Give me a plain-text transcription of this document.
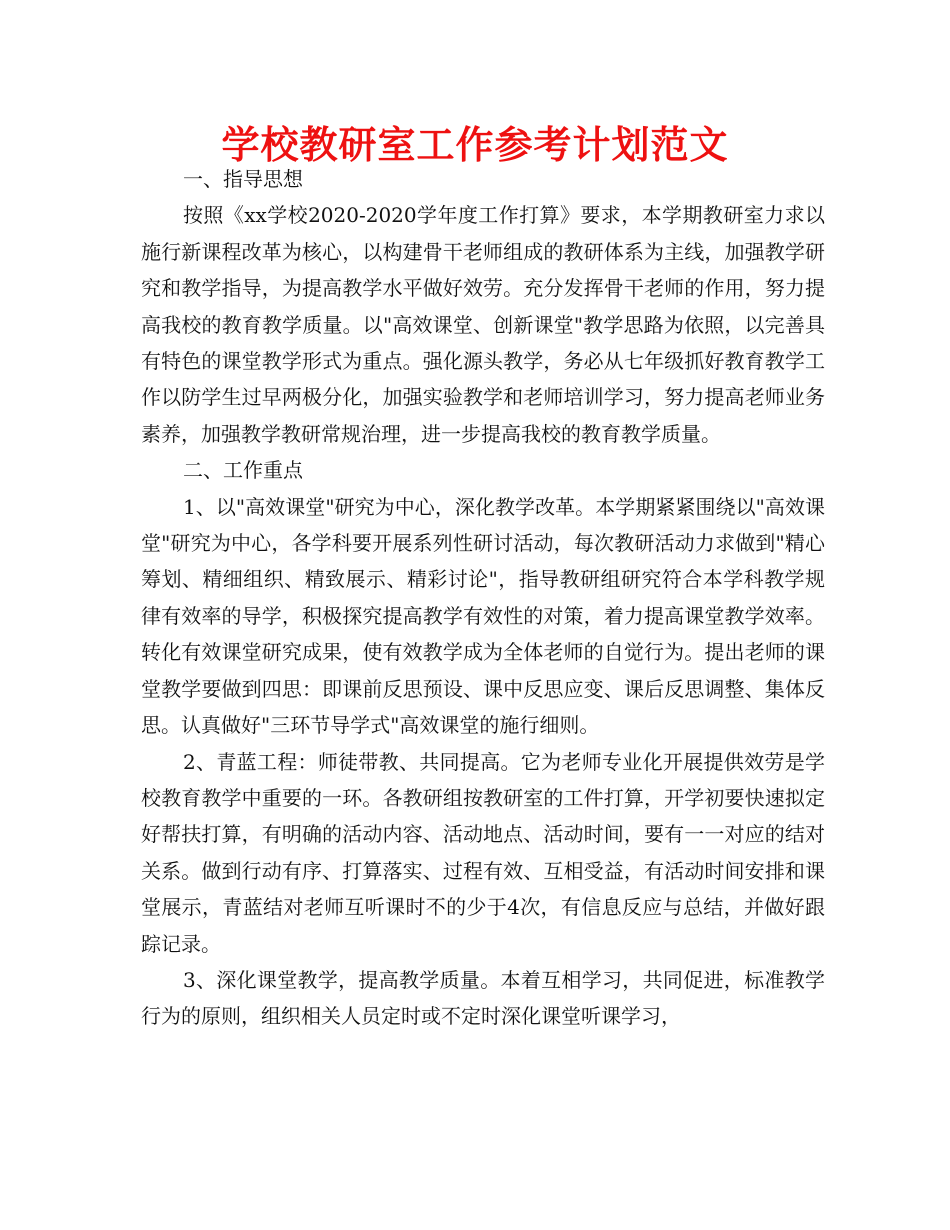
学校教研室工作参考计划范文

一、指导思想

按照《xx学校2020-2020学年度工作打算》要求，本学期教研室力求以施行新课程改革为核心，以构建骨干老师组成的教研体系为主线，加强教学研究和教学指导，为提高教学水平做好效劳。充分发挥骨干老师的作用，努力提高我校的教育教学质量。以"高效课堂、创新课堂"教学思路为依照，以完善具有特色的课堂教学形式为重点。强化源头教学，务必从七年级抓好教育教学工作以防学生过早两极分化，加强实验教学和老师培训学习，努力提高老师业务素养，加强教学教研常规治理，进一步提高我校的教育教学质量。

二、工作重点

1、以"高效课堂"研究为中心，深化教学改革。本学期紧紧围绕以"高效课堂"研究为中心，各学科要开展系列性研讨活动，每次教研活动力求做到"精心筹划、精细组织、精致展示、精彩讨论"，指导教研组研究符合本学科教学规律有效率的导学，积极探究提高教学有效性的对策，着力提高课堂教学效率。转化有效课堂研究成果，使有效教学成为全体老师的自觉行为。提出老师的课堂教学要做到四思：即课前反思预设、课中反思应变、课后反思调整、集体反思。认真做好"三环节导学式"高效课堂的施行细则。

2、青蓝工程：师徒带教、共同提高。它为老师专业化开展提供效劳是学校教育教学中重要的一环。各教研组按教研室的工件打算，开学初要快速拟定好帮扶打算，有明确的活动内容、活动地点、活动时间，要有一一对应的结对关系。做到行动有序、打算落实、过程有效、互相受益，有活动时间安排和课堂展示，青蓝结对老师互听课时不的少于4次，有信息反应与总结，并做好跟踪记录。

3、深化课堂教学，提高教学质量。本着互相学习，共同促进，标准教学行为的原则，组织相关人员定时或不定时深化课堂听课学习，
